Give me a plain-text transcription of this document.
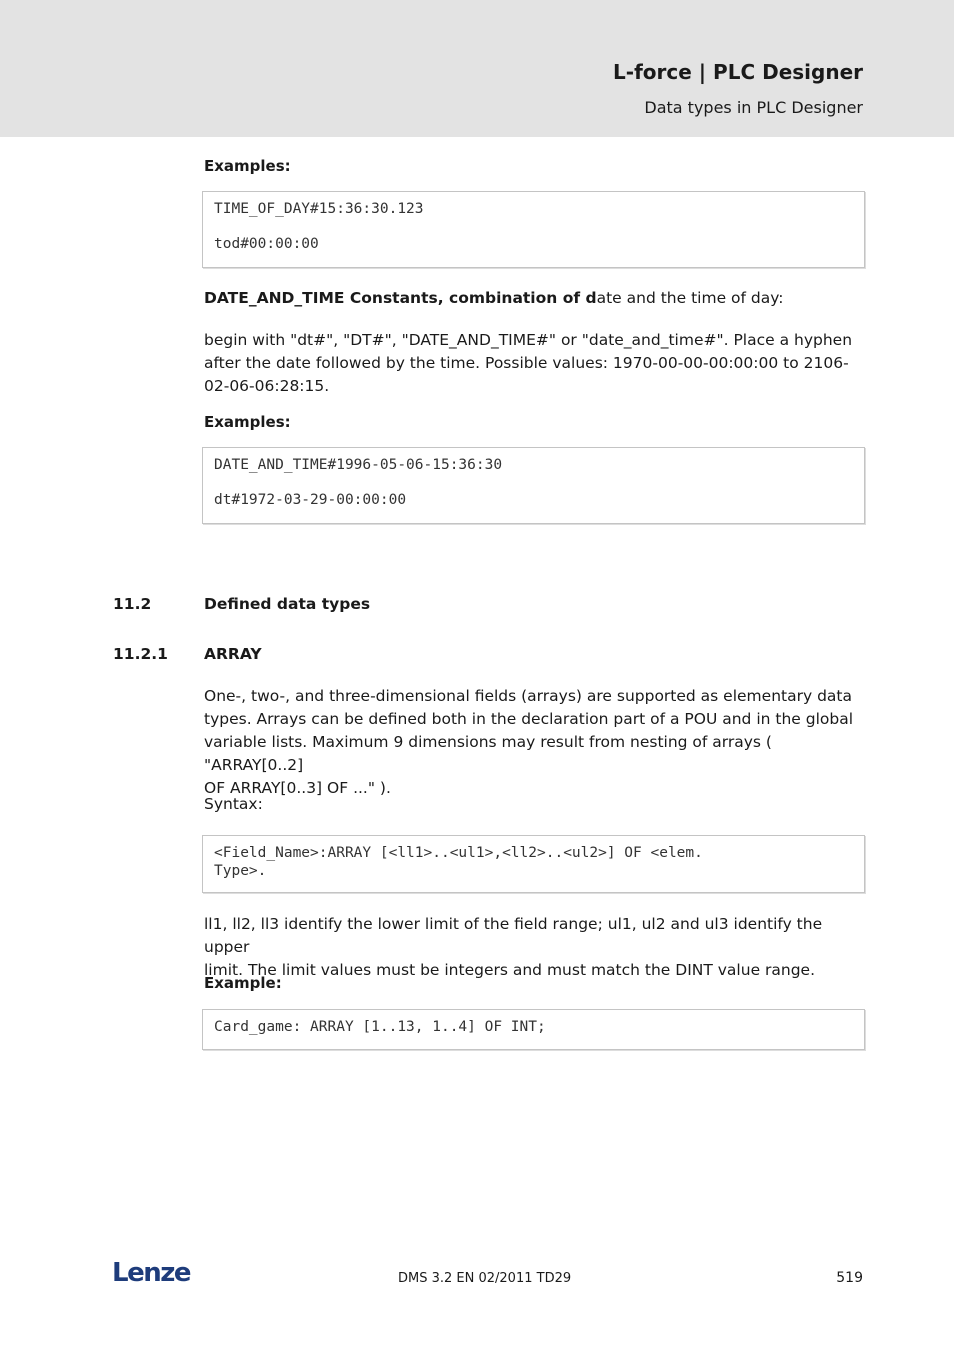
L-force | PLC Designer
Data types in PLC Designer
Examples:
TIME_OF_DAY#15:36:30.123
tod#00:00:00
DATE_AND_TIME Constants, combination of date and the time of day:
begin with "dt#", "DT#", "DATE_AND_TIME#" or "date_and_time#". Place a hyphen
after the date followed by the time. Possible values: 1970-00-00-00:00:00 to 2106-
02-06-06:28:15.
Examples:
DATE_AND_TIME#1996-05-06-15:36:30
dt#1972-03-29-00:00:00
11.2	Defined data types
11.2.1 ARRAY
One-, two-, and three-dimensional fields (arrays) are supported as elementary data
types. Arrays can be defined both in the declaration part of a POU and in the global
variable lists. Maximum 9 dimensions may result from nesting of arrays ( "ARRAY[0..2]
OF ARRAY[0..3] OF ..." ).
Syntax:
<Field_Name>:ARRAY [<ll1>..<ul1>,<ll2>..<ul2>] OF <elem.
Type>.
ll1, ll2, ll3 identify the lower limit of the field range; ul1, ul2 and ul3 identify the upper
limit. The limit values must be integers and must match the DINT value range.
Example:
Card_game: ARRAY [1..13, 1..4] OF INT;
Lenze	DMS 3.2 EN 02/2011 TD29	519
